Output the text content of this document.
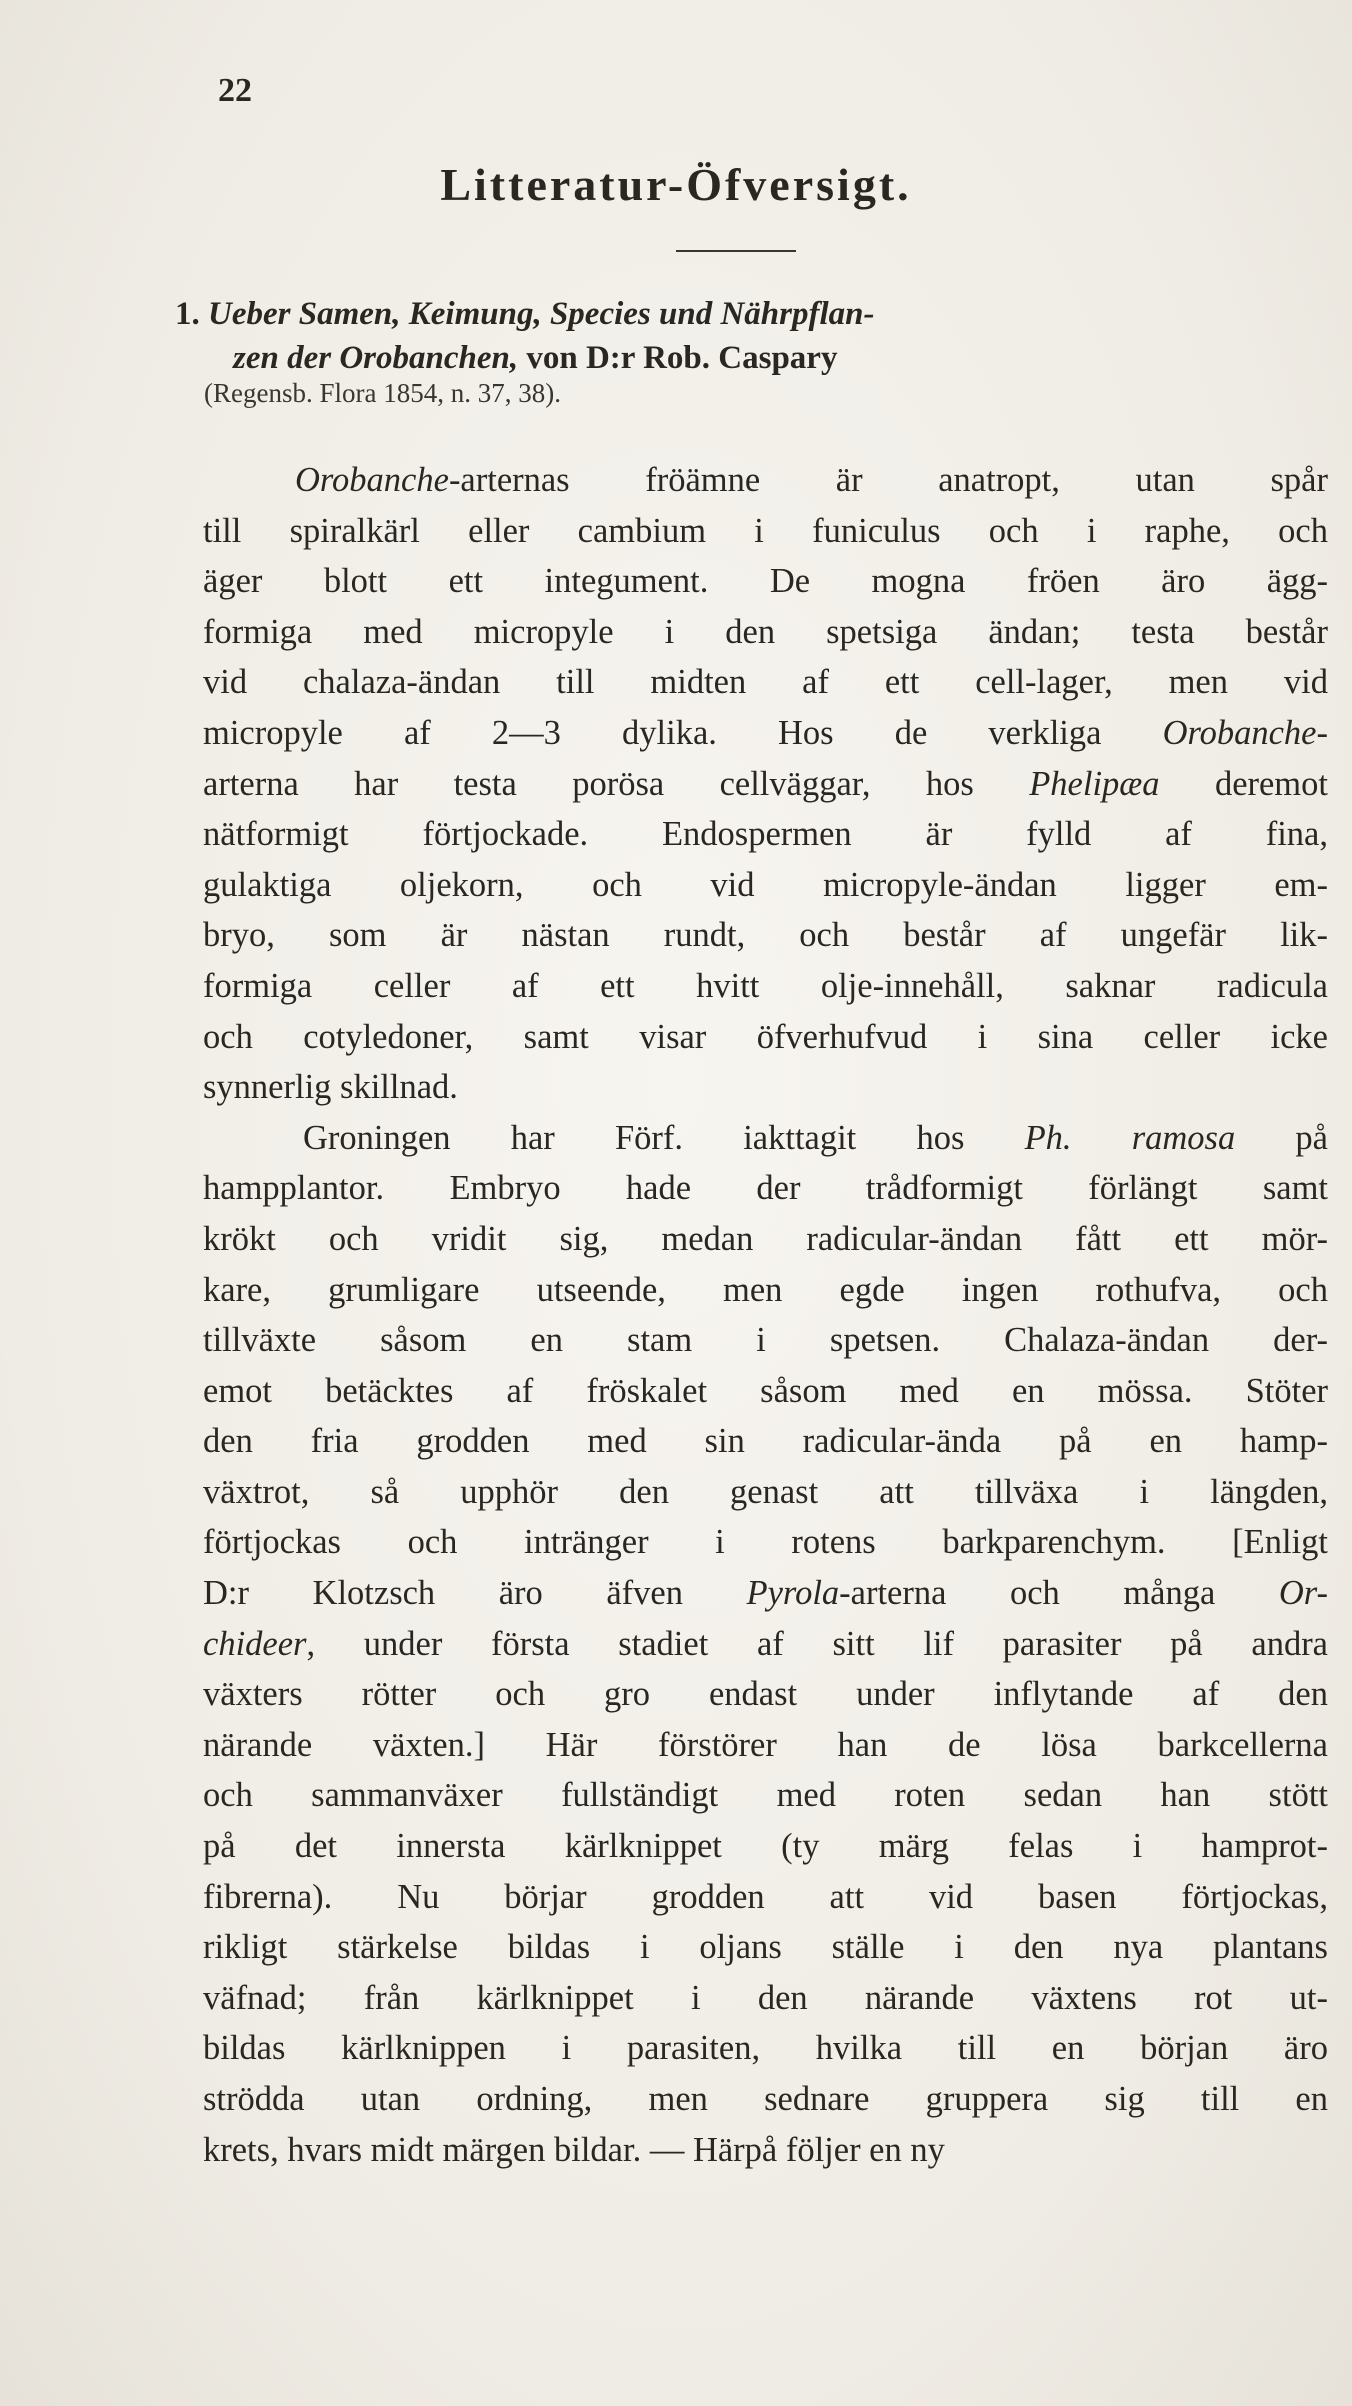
22
Litteratur-Öfversigt.
1. Ueber Samen, Keimung, Species und Nährpflan-
zen der Orobanchen, von D:r Rob. Caspary
(Regensb. Flora 1854, n. 37, 38).
Orobanche-arternas fröämne är anatropt, utan spår
till spiralkärl eller cambium i funiculus och i raphe, och
äger blott ett integument. De mogna fröen äro ägg-
formiga med micropyle i den spetsiga ändan; testa består
vid chalaza-ändan till midten af ett cell-lager, men vid
micropyle af 2—3 dylika. Hos de verkliga Orobanche-
arterna har testa porösa cellväggar, hos Phelipæa deremot
nätformigt förtjockade. Endospermen är fylld af fina,
gulaktiga oljekorn, och vid micropyle-ändan ligger em-
bryo, som är nästan rundt, och består af ungefär lik-
formiga celler af ett hvitt olje-innehåll, saknar radicula
och cotyledoner, samt visar öfverhufvud i sina celler icke
synnerlig skillnad.
Groningen har Förf. iakttagit hos Ph. ramosa på
hampplantor. Embryo hade der trådformigt förlängt samt
krökt och vridit sig, medan radicular-ändan fått ett mör-
kare, grumligare utseende, men egde ingen rothufva, och
tillväxte såsom en stam i spetsen. Chalaza-ändan der-
emot betäcktes af fröskalet såsom med en mössa. Stöter
den fria grodden med sin radicular-ända på en hamp-
växtrot, så upphör den genast att tillväxa i längden,
förtjockas och intränger i rotens barkparenchym. [Enligt
D:r Klotzsch äro äfven Pyrola-arterna och många Or-
chideer, under första stadiet af sitt lif parasiter på andra
växters rötter och gro endast under inflytande af den
närande växten.] Här förstörer han de lösa barkcellerna
och sammanväxer fullständigt med roten sedan han stött
på det innersta kärlknippet (ty märg felas i hamprot-
fibrerna). Nu börjar grodden att vid basen förtjockas,
rikligt stärkelse bildas i oljans ställe i den nya plantans
väfnad; från kärlknippet i den närande växtens rot ut-
bildas kärlknippen i parasiten, hvilka till en början äro
strödda utan ordning, men sednare gruppera sig till en
krets, hvars midt märgen bildar. — Härpå följer en ny
